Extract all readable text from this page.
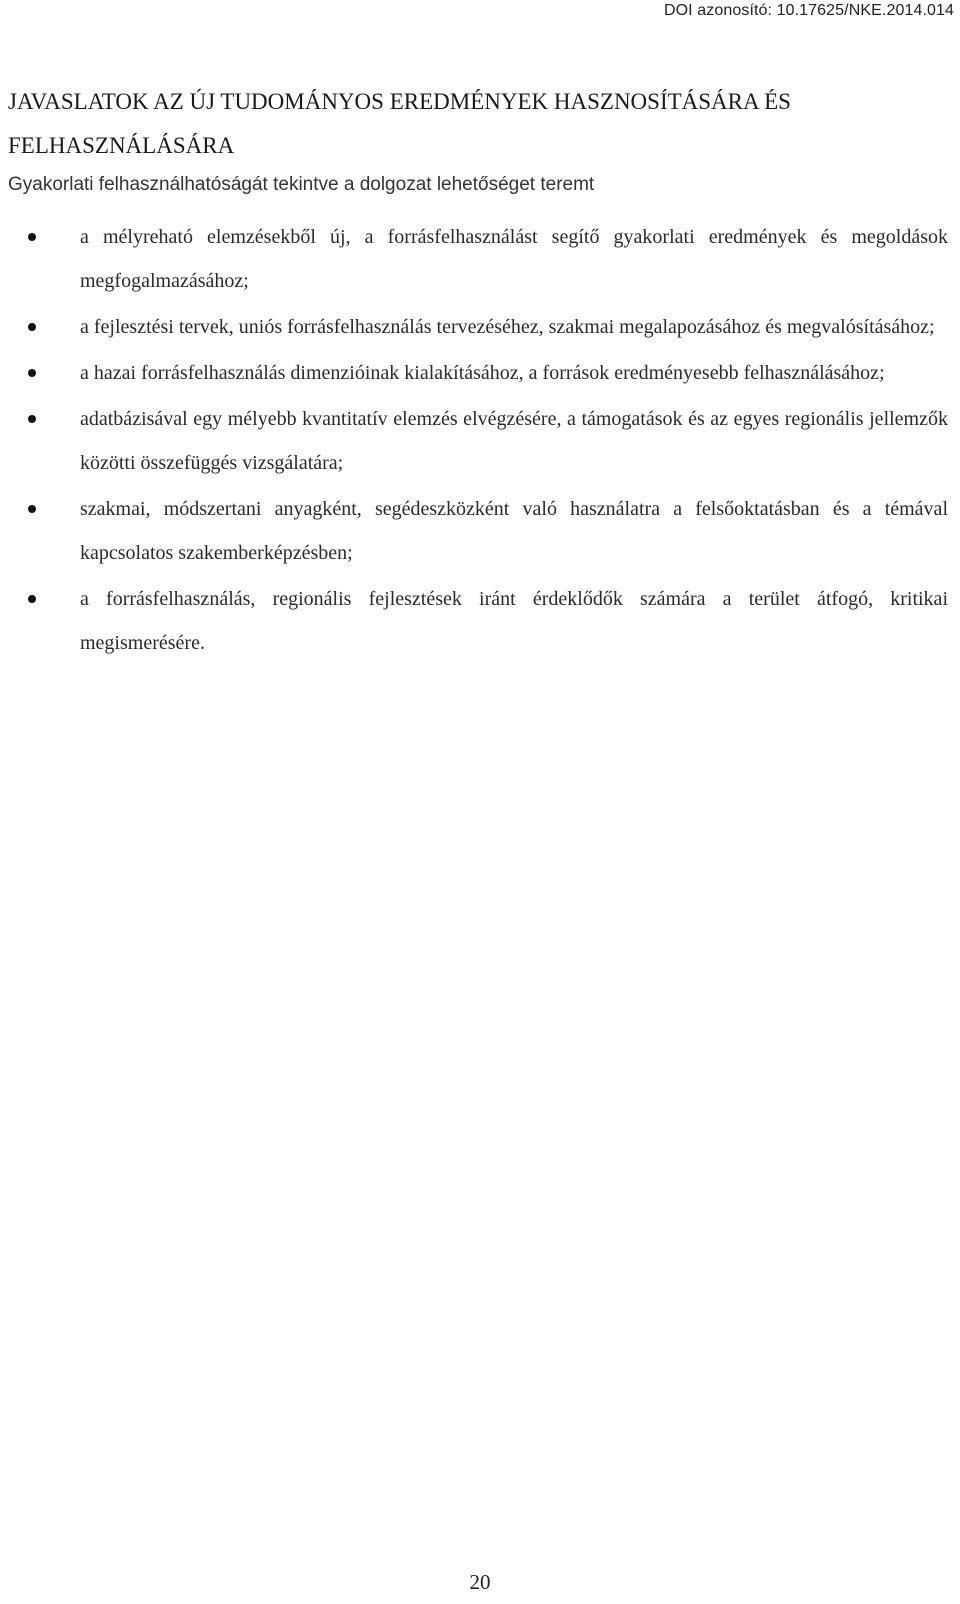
DOI azonosító: 10.17625/NKE.2014.014
JAVASLATOK AZ ÚJ TUDOMÁNYOS EREDMÉNYEK HASZNOSÍTÁSÁRA ÉS
FELHASZNÁLÁSÁRA

Gyakorlati felhasználhatóságát tekintve a dolgozat lehetőséget teremt

a mélyreható elemzésekből új, a forrásfelhasználást segítő gyakorlati eredmények és megoldások megfogalmazásához;
a fejlesztési tervek, uniós forrásfelhasználás tervezéséhez, szakmai megalapozásához és megvalósításához;
a hazai forrásfelhasználás dimenzióinak kialakításához, a források eredményesebb felhasználásához;
adatbázisával egy mélyebb kvantitatív elemzés elvégzésére, a támogatások és az egyes regionális jellemzők közötti összefüggés vizsgálatára;
szakmai, módszertani anyagként, segédeszközként való használatra a felsőoktatásban és a témával kapcsolatos szakemberképzésben;
a forrásfelhasználás, regionális fejlesztések iránt érdeklődők számára a terület átfogó, kritikai megismerésére.
20
